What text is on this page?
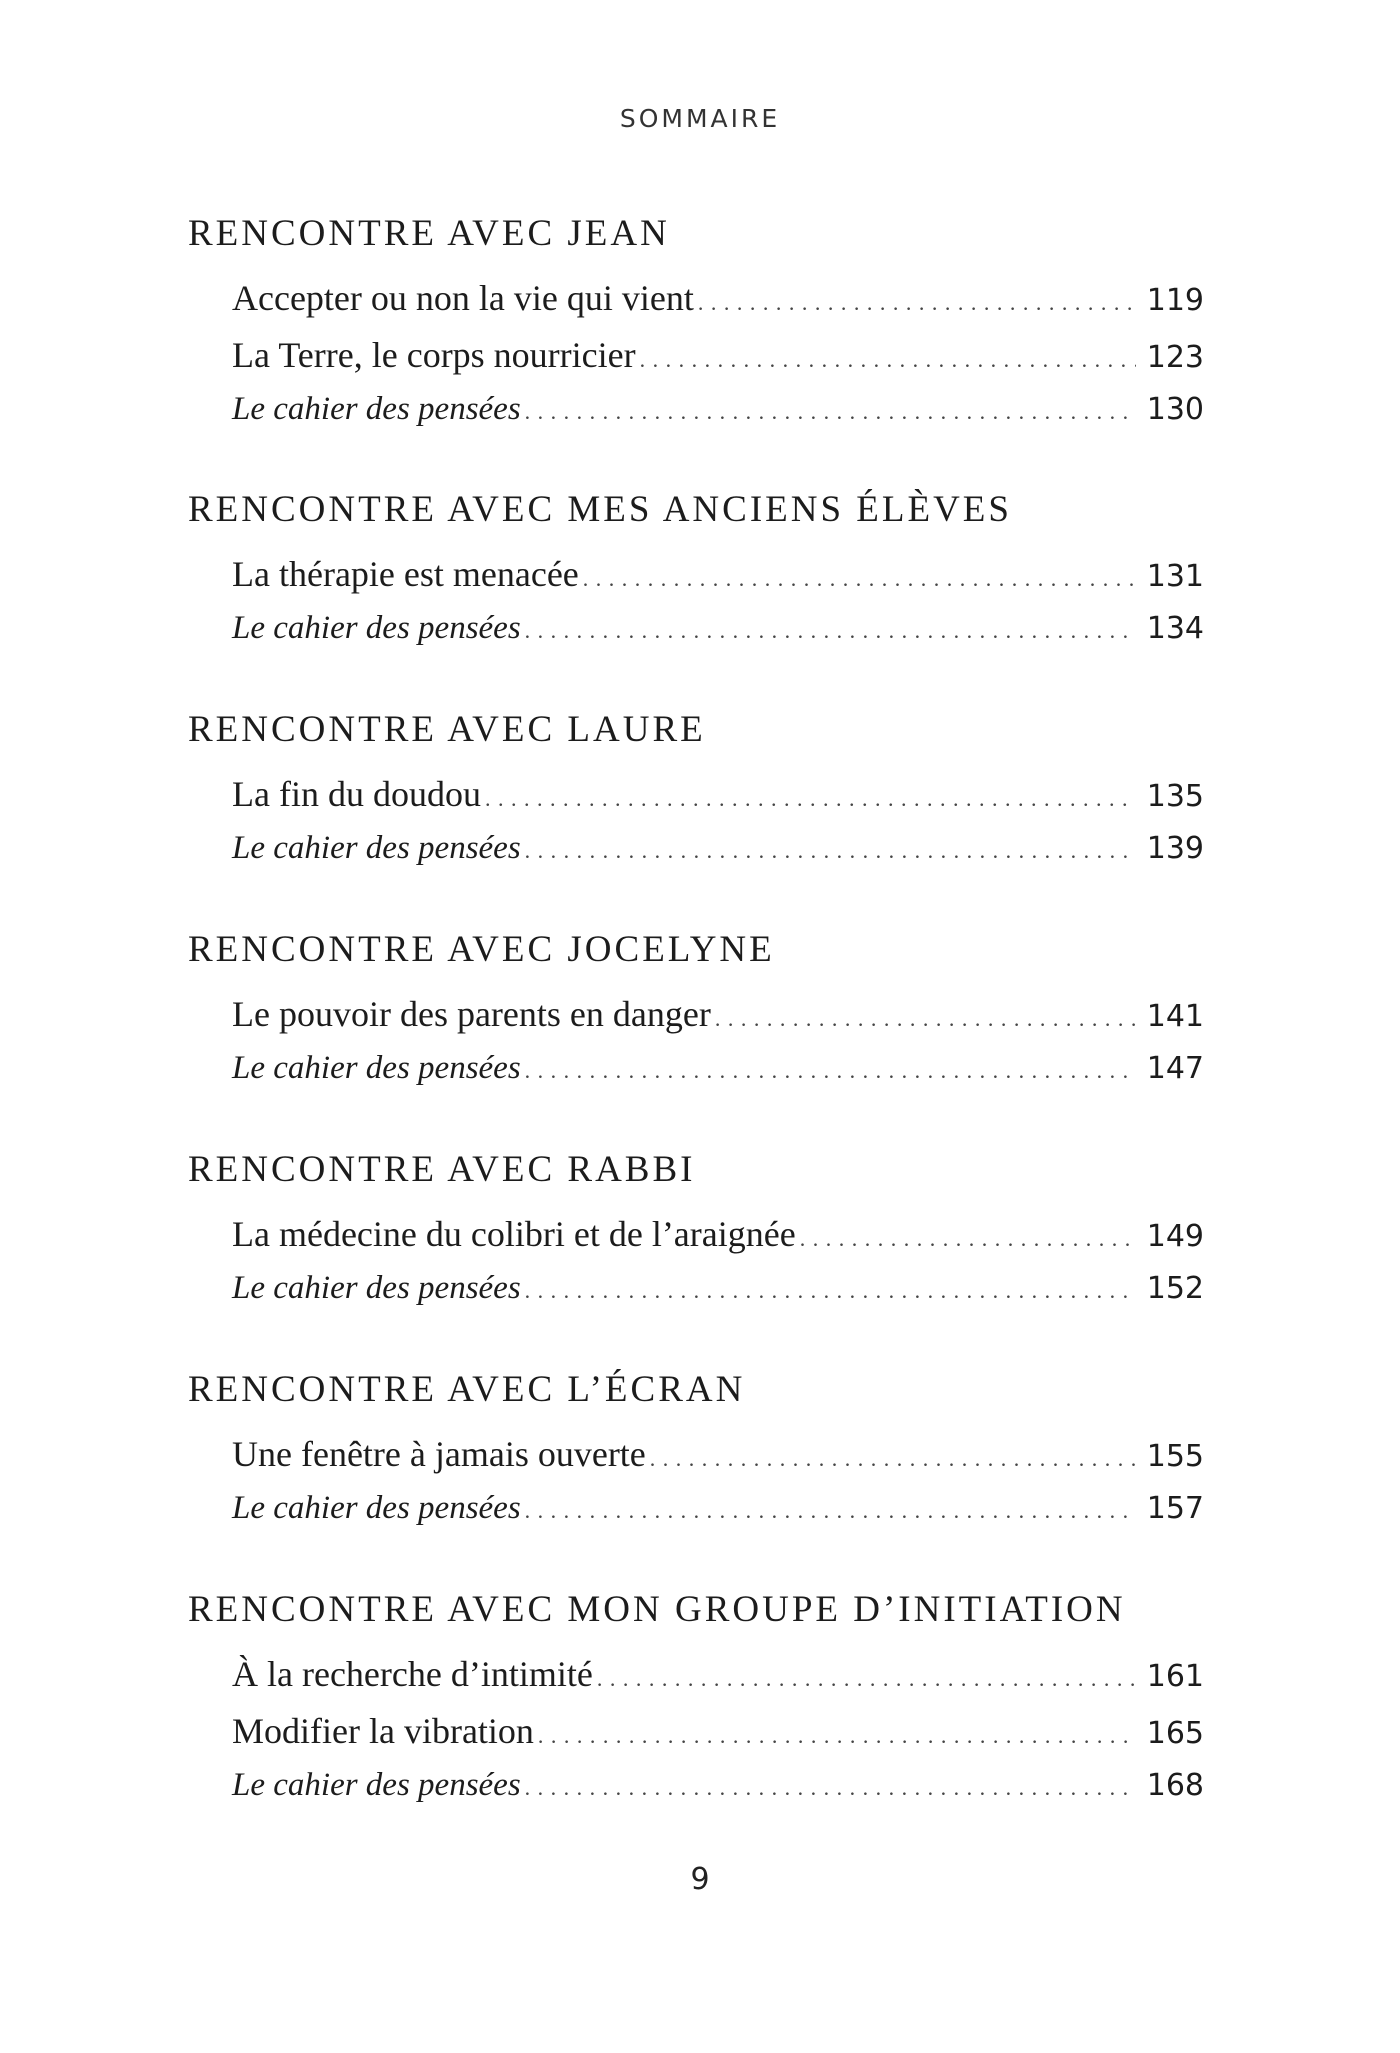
SOMMAIRE
RENCONTRE AVEC JEAN
Accepter ou non la vie qui vient . . .	119
La Terre, le corps nourricier . . .	123
Le cahier des pensées . . .	130
RENCONTRE AVEC MES ANCIENS ÉLÈVES
La thérapie est menacée . . .	131
Le cahier des pensées . . .	134
RENCONTRE AVEC LAURE
La fin du doudou . . .	135
Le cahier des pensées . . .	139
RENCONTRE AVEC JOCELYNE
Le pouvoir des parents en danger . . .	141
Le cahier des pensées . . .	147
RENCONTRE AVEC RABBI
La médecine du colibri et de l’araignée . . .	149
Le cahier des pensées . . .	152
RENCONTRE AVEC L’ÉCRAN
Une fenêtre à jamais ouverte . . .	155
Le cahier des pensées . . .	157
RENCONTRE AVEC MON GROUPE D’INITIATION
À la recherche d’intimité . . .	161
Modifier la vibration . . .	165
Le cahier des pensées . . .	168
9
